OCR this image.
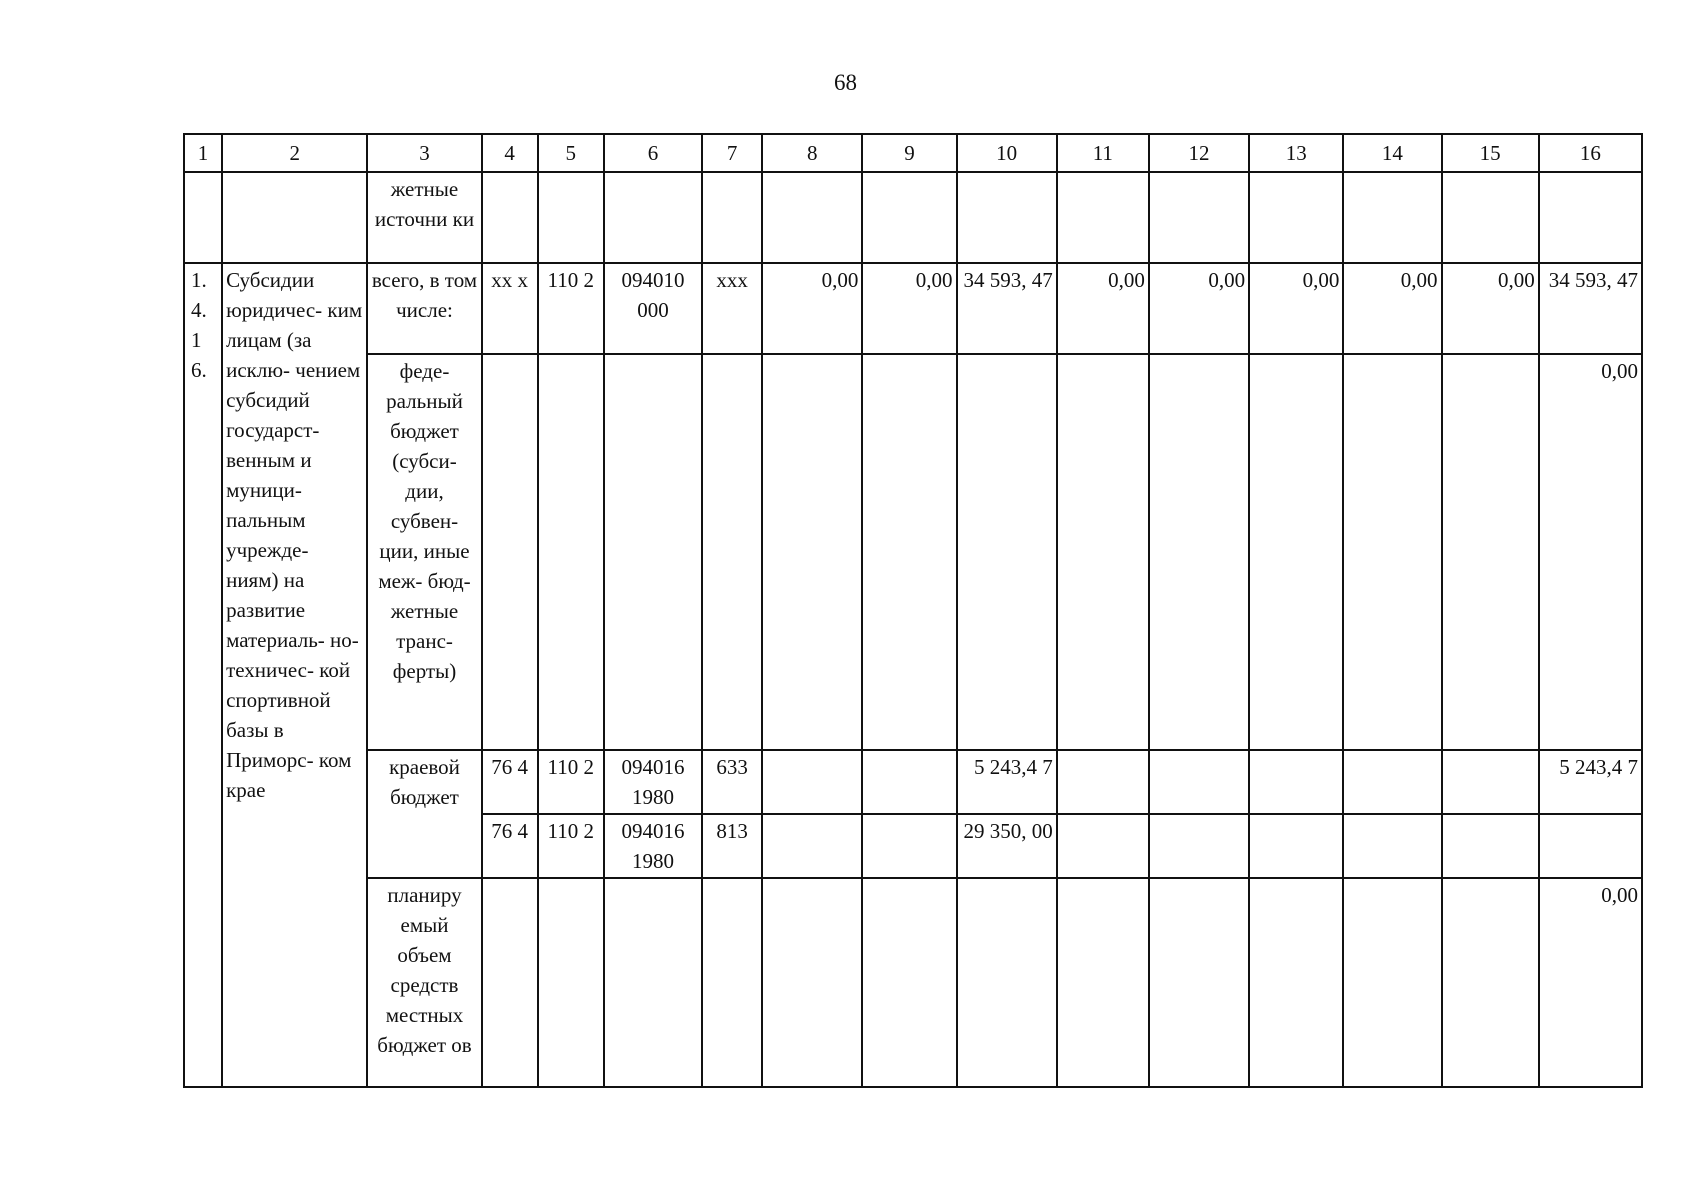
68
1	2	3	4	5	6	7	8	9	10	11	12	13	14	15	16
		жетные источни ки													
1. 4. 1 6.	Субсидии юридичес- ким лицам (за исклю- чением субсидий государст- венным и муници- пальным учрежде- ниям) на развитие материаль- но- техничес- кой спортивной базы в Приморс- ком крае	всего, в том числе:	хх х	110 2	094010 000	ххх	0,00	0,00	34 593, 47	0,00	0,00	0,00	0,00	0,00	34 593, 47
		феде- ральный бюджет (субси- дии, субвен- ции, иные меж- бюд- жетные транс- ферты)													0,00
		краевой бюджет	76 4	110 2	094016 1980	633			5 243,4 7						5 243,4 7
			76 4	110 2	094016 1980	813			29 350, 00						
		планиру емый объем средств местных бюджет ов													0,00
